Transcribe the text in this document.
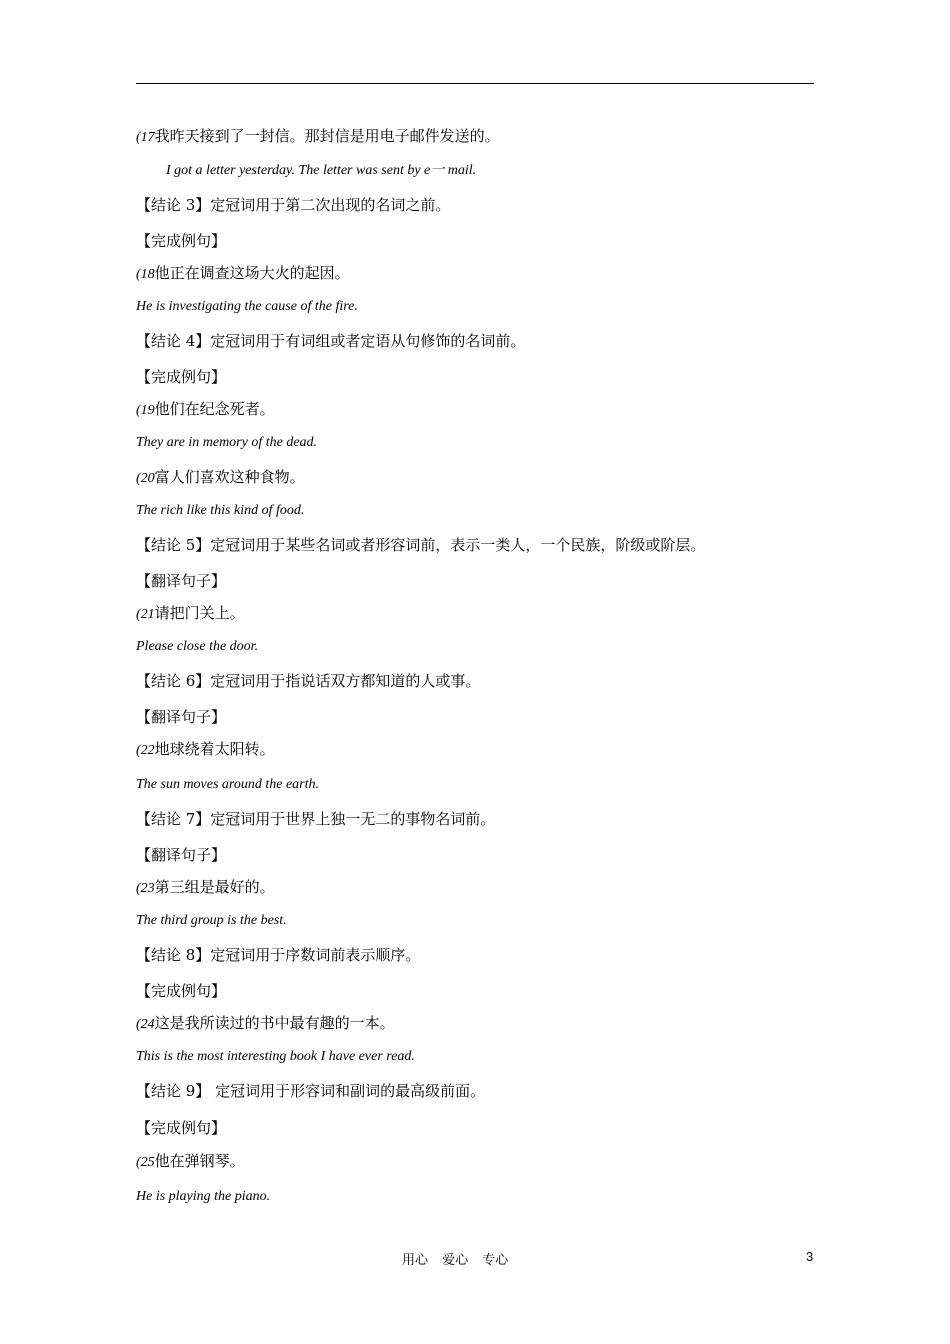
(17我昨天接到了一封信。那封信是用电子邮件发送的。
I got a letter yesterday. The letter was sent by e一 mail.
【结论 3】定冠词用于第二次出现的名词之前。
【完成例句】
(18他正在调查这场大火的起因。
He is investigating the cause of the fire.
【结论 4】定冠词用于有词组或者定语从句修饰的名词前。
【完成例句】
(19他们在纪念死者。
They are in memory of the dead.
(20富人们喜欢这种食物。
The rich like this kind of food.
【结论 5】定冠词用于某些名词或者形容词前，表示一类人，一个民族，阶级或阶层。
【翻译句子】
(21请把门关上。
Please close the door.
【结论 6】定冠词用于指说话双方都知道的人或事。
【翻译句子】
(22地球绕着太阳转。
The sun moves around the earth.
【结论 7】定冠词用于世界上独一无二的事物名词前。
【翻译句子】
(23第三组是最好的。
The third group is the best.
【结论 8】定冠词用于序数词前表示顺序。
【完成例句】
(24这是我所读过的书中最有趣的一本。
This is the most interesting book I have ever read.
【结论 9】 定冠词用于形容词和副词的最高级前面。
【完成例句】
(25他在弹钢琴。
He is playing the piano.
用心 爱心 专心	3
